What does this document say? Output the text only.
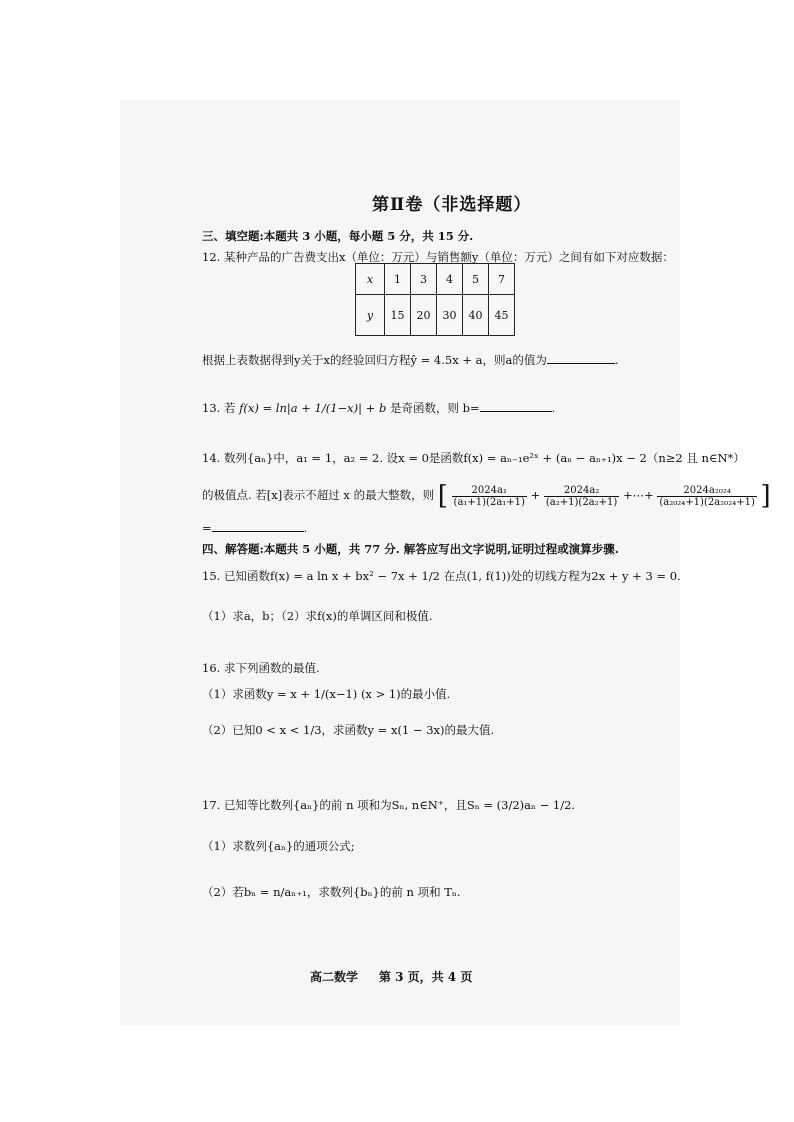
第Ⅱ卷（非选择题）
三、填空题:本题共 3 小题，每小题 5 分，共 15 分.
12. 某种产品的广告费支出x（单位：万元）与销售额y（单位：万元）之间有如下对应数据：
x	1	3	4	5	7
y	15	20	30	40	45
根据上表数据得到y关于x的经验回归方程ŷ = 4.5x + a，则a的值为	.
13. 若 f(x) = ln|a + 1/(1−x)| + b 是奇函数，则 b=	.
14. 数列{aₙ}中，a₁ = 1，a₂ = 2. 设x = 0是函数f(x) = aₙ₋₁e²ˣ + (aₙ − aₙ₊₁)x − 2（n≥2 且 n∈N*）
的极值点. 若[x]表示不超过 x 的最大整数，则 [ $\frac{\text{2024a₁}}{\text{(a₁+1)(2a₁+1)}} + \frac{\text{2024a₂}}{\text{(a₂+1)(2a₂+1)}}$ +⋯+ $\frac{\text{2024a₂₀₂₄}}{\text{(a₂₀₂₄+1)(2a₂₀₂₄+1)}}$ ]
=	.
四、解答题:本题共 5 小题，共 77 分. 解答应写出文字说明,证明过程或演算步骤.
15. 已知函数f(x) = a ln x + bx² − 7x + 1/2 在点(1, f(1))处的切线方程为2x + y + 3 = 0.
（1）求a，b；（2）求f(x)的单调区间和极值.
16. 求下列函数的最值.
（1）求函数y = x + 1/(x−1) (x > 1)的最小值.
（2）已知0 < x < 1/3，求函数y = x(1 − 3x)的最大值.
17. 已知等比数列{aₙ}的前 n 项和为Sₙ, n∈N⁺，且Sₙ = (3/2)aₙ − 1/2.
（1）求数列{aₙ}的通项公式;
（2）若bₙ = n/aₙ₊₁，求数列{bₙ}的前 n 项和 Tₙ.
高二数学 第 3 页，共 4 页
